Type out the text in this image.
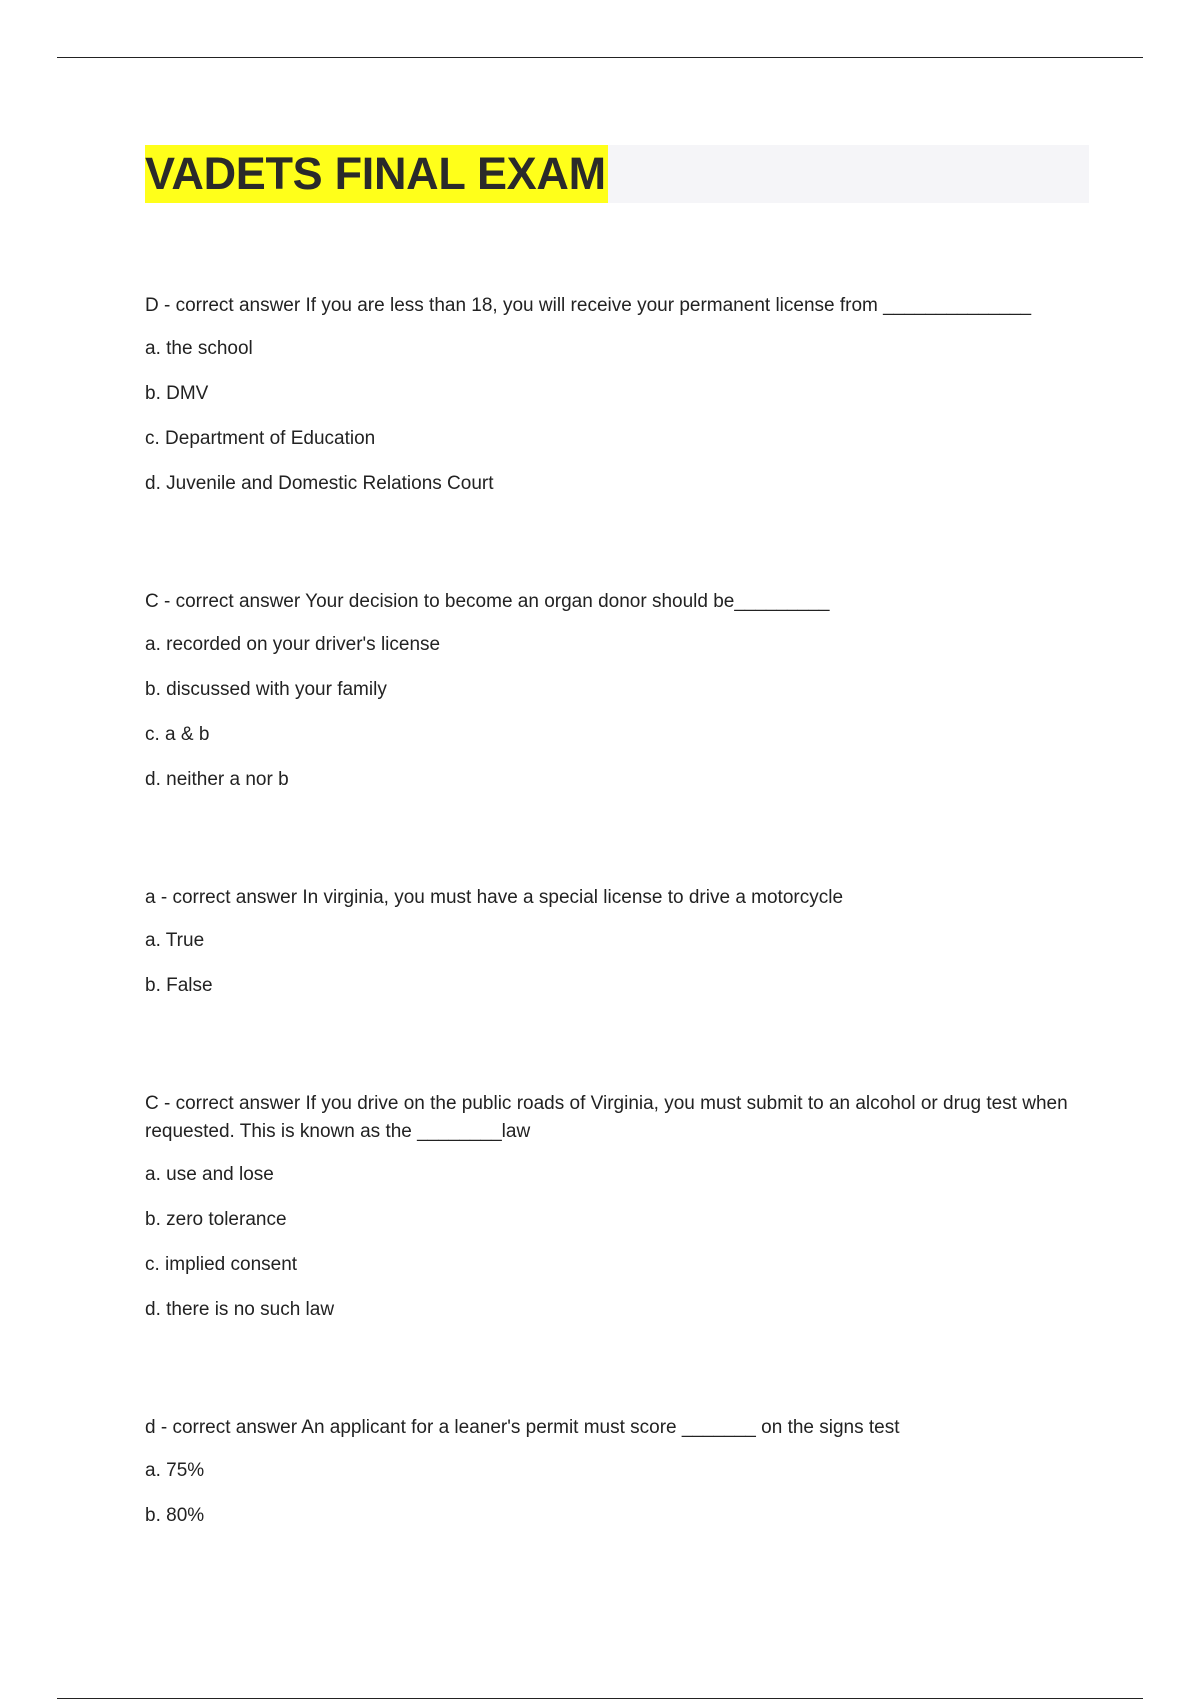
VADETS FINAL EXAM

D - correct answer If you are less than 18, you will receive your permanent license from ______________

a. the school

b. DMV

c. Department of Education

d. Juvenile and Domestic Relations Court

C - correct answer Your decision to become an organ donor should be_________

a. recorded on your driver's license

b. discussed with your family

c. a & b

d. neither a nor b

a - correct answer In virginia, you must have a special license to drive a motorcycle

a. True

b. False

C - correct answer If you drive on the public roads of Virginia, you must submit to an alcohol or drug test when requested. This is known as the ________law

a. use and lose

b. zero tolerance

c. implied consent

d. there is no such law

d - correct answer An applicant for a leaner's permit must score _______ on the signs test

a. 75%

b. 80%
